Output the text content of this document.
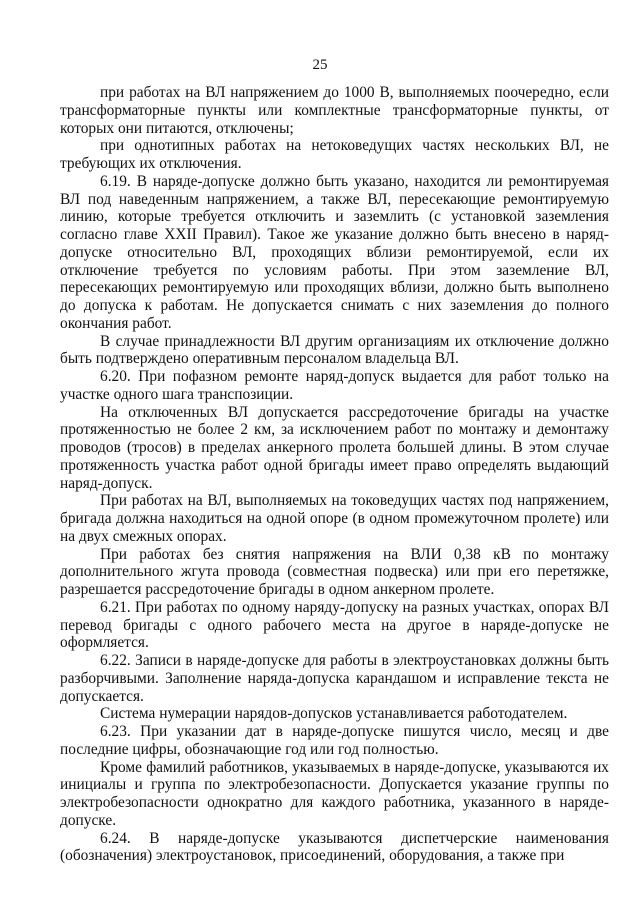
25

при работах на ВЛ напряжением до 1000 В, выполняемых поочередно, если трансформаторные пункты или комплектные трансформаторные пункты, от которых они питаются, отключены;

при однотипных работах на нетоковедущих частях нескольких ВЛ, не требующих их отключения.

6.19. В наряде-допуске должно быть указано, находится ли ремонтируемая ВЛ под наведенным напряжением, а также ВЛ, пересекающие ремонтируемую линию, которые требуется отключить и заземлить (с установкой заземления согласно главе XXII Правил). Такое же указание должно быть внесено в наряд-допуске относительно ВЛ, проходящих вблизи ремонтируемой, если их отключение требуется по условиям работы. При этом заземление ВЛ, пересекающих ремонтируемую или проходящих вблизи, должно быть выполнено до допуска к работам. Не допускается снимать с них заземления до полного окончания работ.

В случае принадлежности ВЛ другим организациям их отключение должно быть подтверждено оперативным персоналом владельца ВЛ.

6.20. При пофазном ремонте наряд-допуск выдается для работ только на участке одного шага транспозиции.

На отключенных ВЛ допускается рассредоточение бригады на участке протяженностью не более 2 км, за исключением работ по монтажу и демонтажу проводов (тросов) в пределах анкерного пролета большей длины. В этом случае протяженность участка работ одной бригады имеет право определять выдающий наряд-допуск.

При работах на ВЛ, выполняемых на токоведущих частях под напряжением, бригада должна находиться на одной опоре (в одном промежуточном пролете) или на двух смежных опорах.

При работах без снятия напряжения на ВЛИ 0,38 кВ по монтажу дополнительного жгута провода (совместная подвеска) или при его перетяжке, разрешается рассредоточение бригады в одном анкерном пролете.

6.21. При работах по одному наряду-допуску на разных участках, опорах ВЛ перевод бригады с одного рабочего места на другое в наряде-допуске не оформляется.

6.22. Записи в наряде-допуске для работы в электроустановках должны быть разборчивыми. Заполнение наряда-допуска карандашом и исправление текста не допускается.

Система нумерации нарядов-допусков устанавливается работодателем.

6.23. При указании дат в наряде-допуске пишутся число, месяц и две последние цифры, обозначающие год или год полностью.

Кроме фамилий работников, указываемых в наряде-допуске, указываются их инициалы и группа по электробезопасности. Допускается указание группы по электробезопасности однократно для каждого работника, указанного в наряде-допуске.

6.24. В наряде-допуске указываются диспетчерские наименования (обозначения) электроустановок, присоединений, оборудования, а также при
